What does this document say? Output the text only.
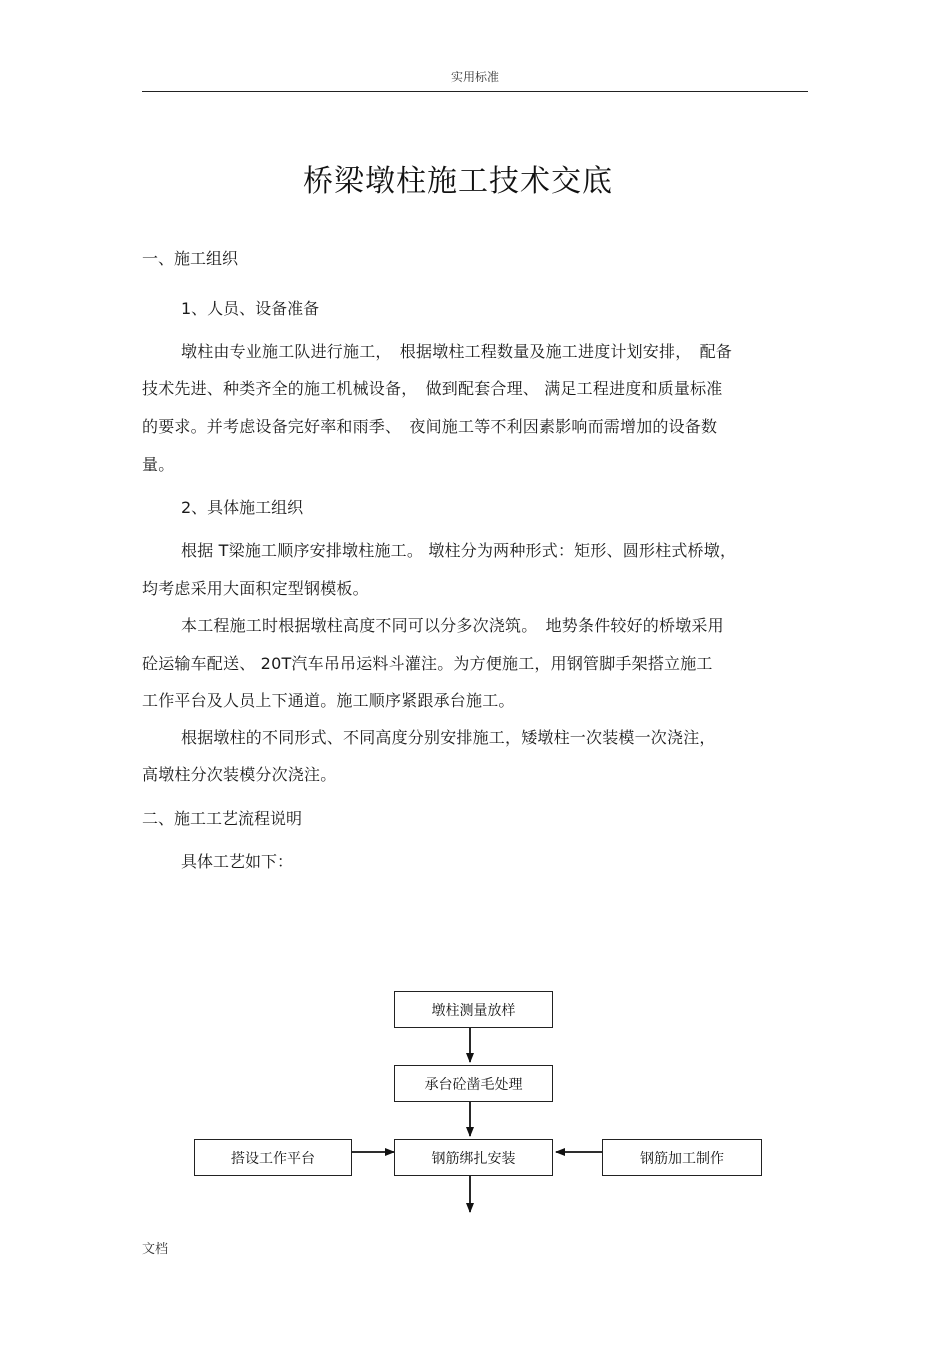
实用标准
桥梁墩柱施工技术交底
一、施工组织
1、人员、设备准备
墩柱由专业施工队进行施工，　根据墩柱工程数量及施工进度计划安排，　配备
技术先进、种类齐全的施工机械设备，　做到配套合理、 满足工程进度和质量标准
的要求。并考虑设备完好率和雨季、　夜间施工等不利因素影响而需增加的设备数
量。
2、具体施工组织
根据 T梁施工顺序安排墩柱施工。 墩柱分为两种形式：矩形、圆形柱式桥墩，
均考虑采用大面积定型钢模板。
本工程施工时根据墩柱高度不同可以分多次浇筑。　地势条件较好的桥墩采用
砼运输车配送、 20T汽车吊吊运料斗灌注。为方便施工，用钢管脚手架搭立施工
工作平台及人员上下通道。施工顺序紧跟承台施工。
根据墩柱的不同形式、不同高度分别安排施工，矮墩柱一次装模一次浇注，
高墩柱分次装模分次浇注。
二、施工工艺流程说明
具体工艺如下：
墩柱测量放样
承台砼凿毛处理
钢筋绑扎安装
搭设工作平台	钢筋加工制作
文档
